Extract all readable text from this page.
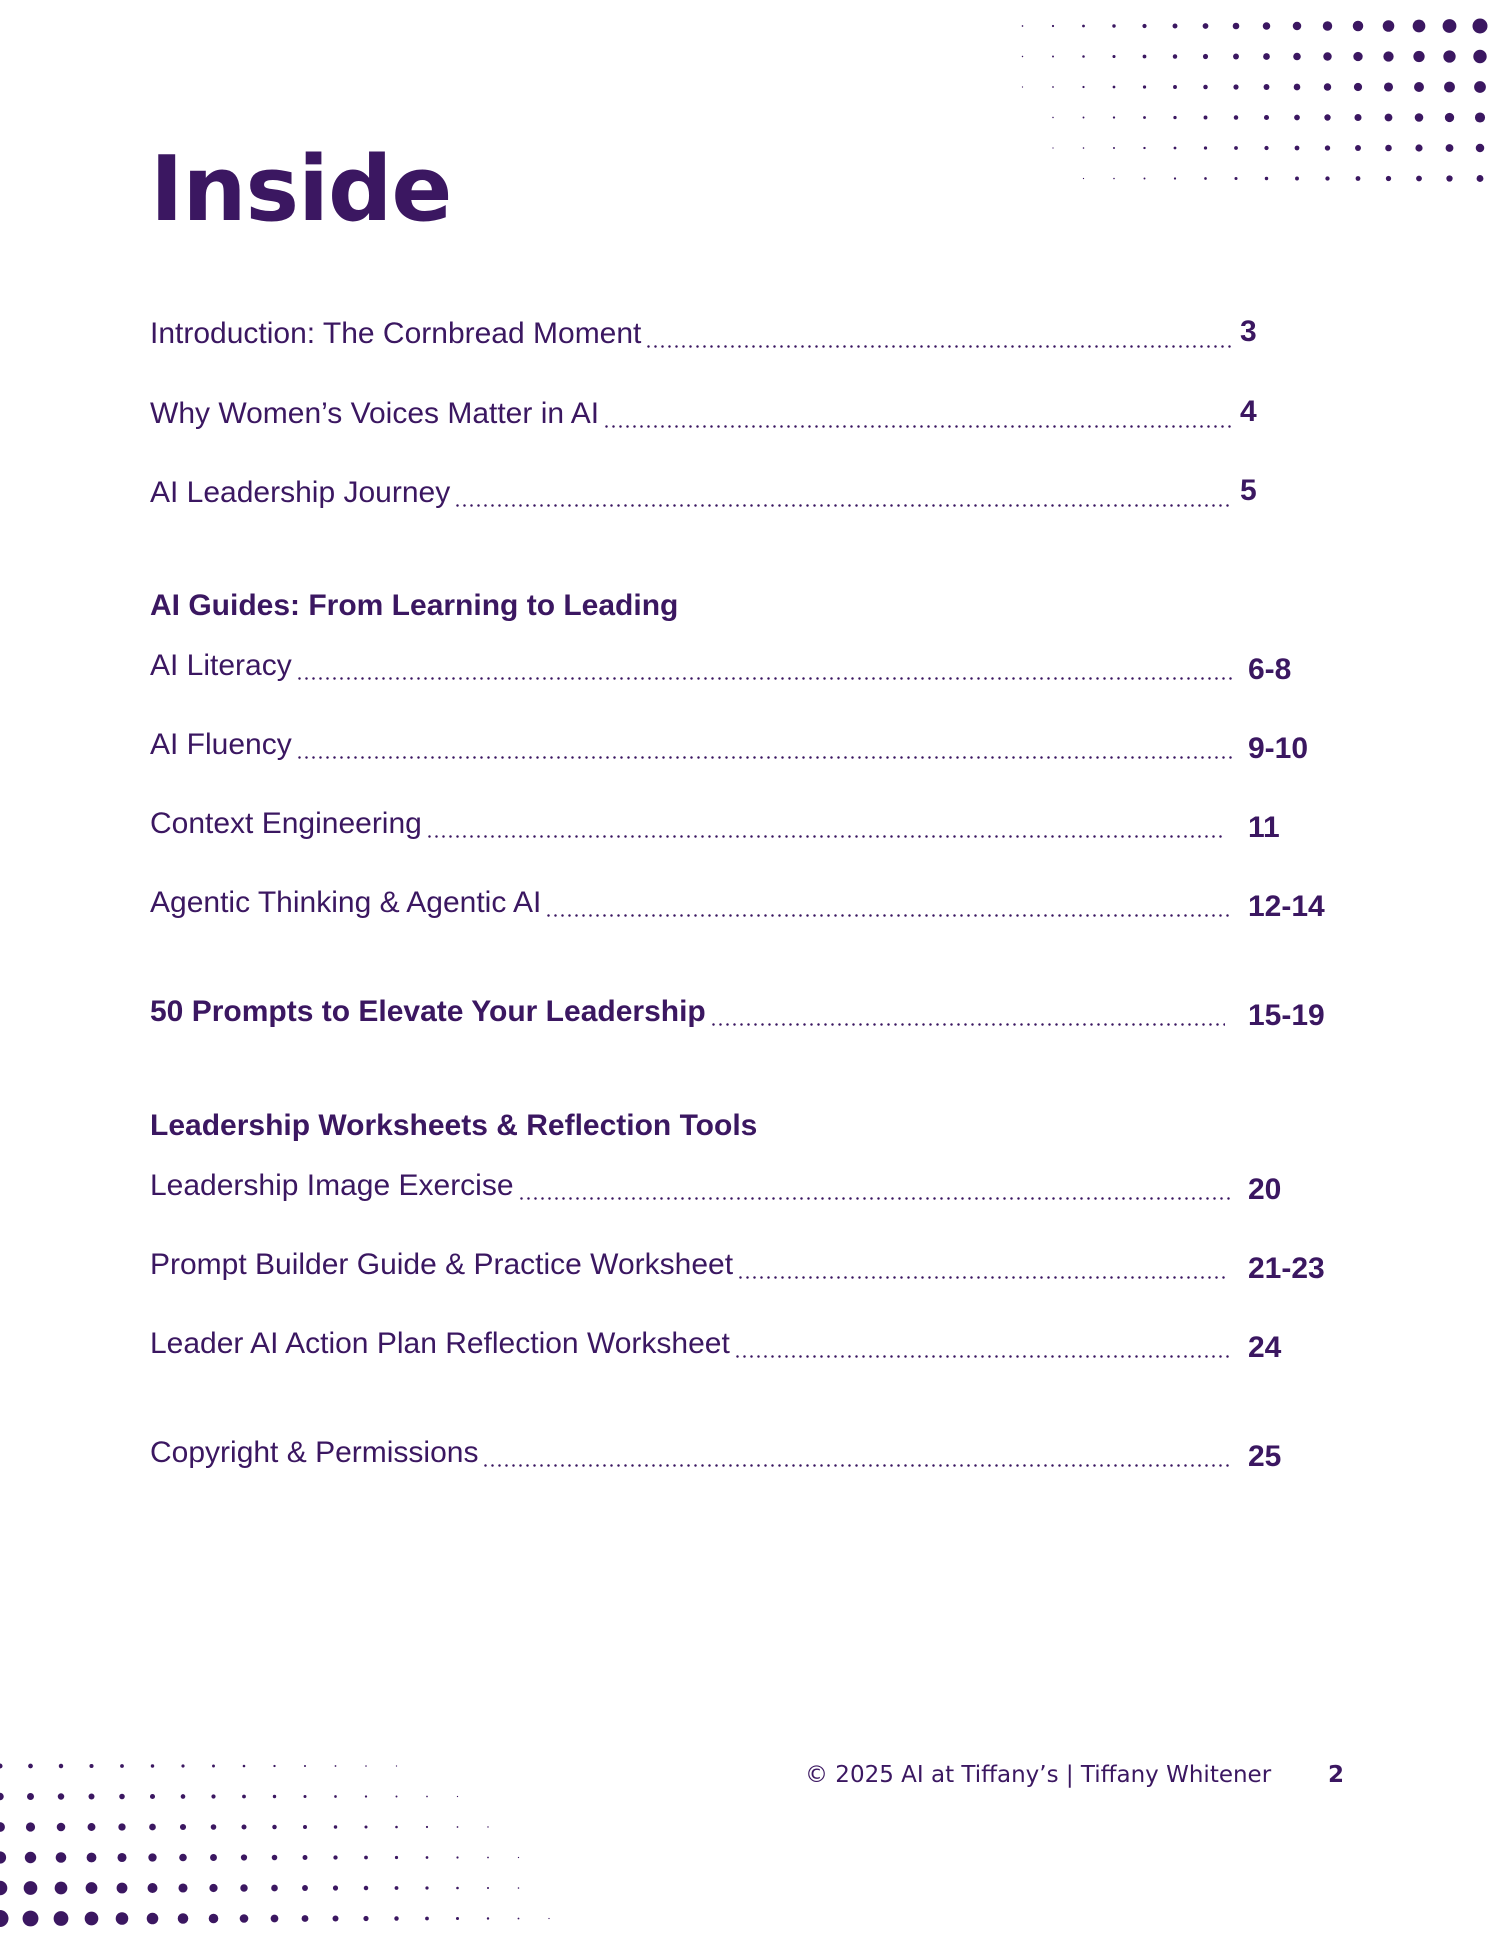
Inside
Introduction: The Cornbread Moment	3
Why Women’s Voices Matter in AI	4
AI Leadership Journey	5
AI Guides: From Learning to Leading
AI Literacy	6-8
AI Fluency	9-10
Context Engineering	11
Agentic Thinking & Agentic AI	12-14
50 Prompts to Elevate Your Leadership	15-19
Leadership Worksheets & Reflection Tools
Leadership Image Exercise	20
Prompt Builder Guide & Practice Worksheet	21-23
Leader AI Action Plan Reflection Worksheet	24
Copyright & Permissions	25
© 2025 AI at Tiffany’s | Tiffany Whitener 2
